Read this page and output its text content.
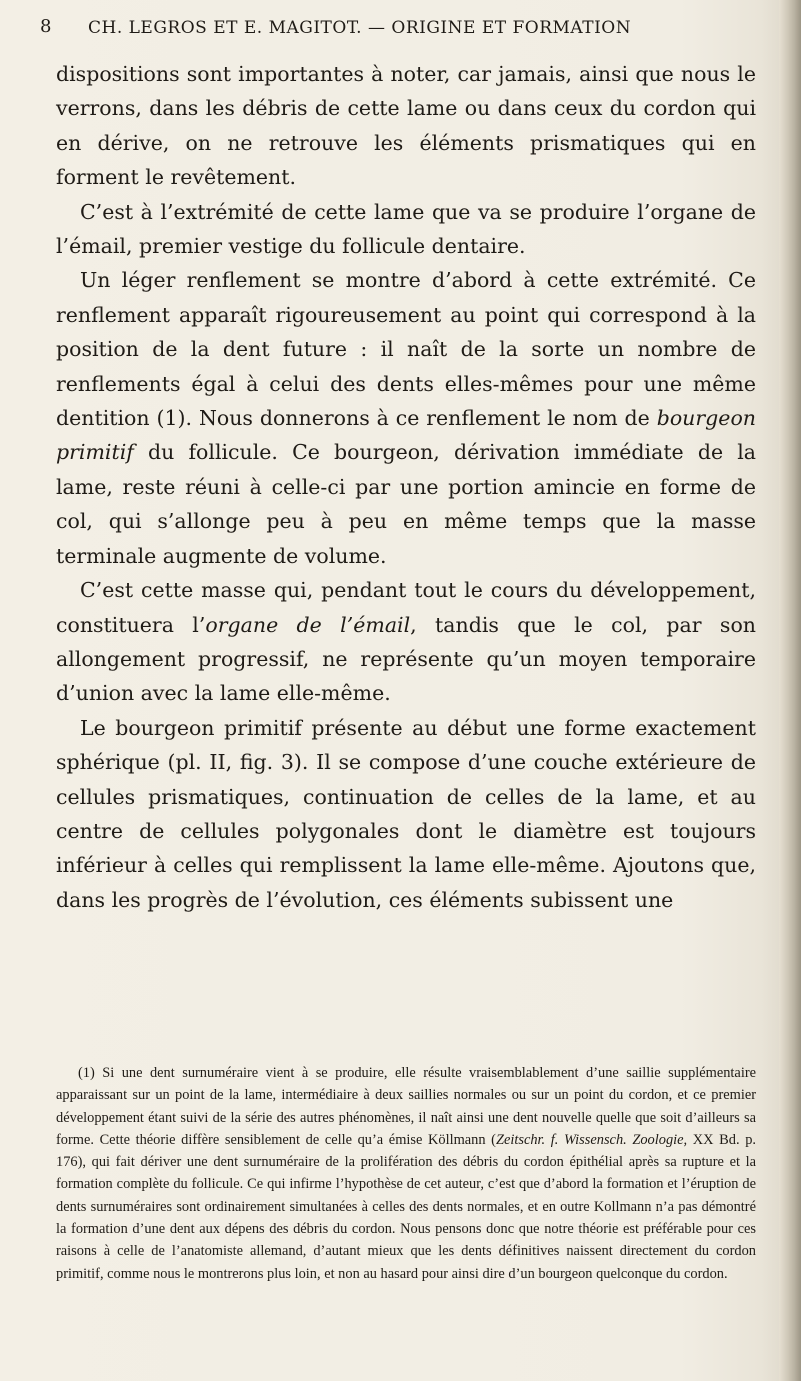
8 CH. LEGROS ET E. MAGITOT. — ORIGINE ET FORMATION

dispositions sont importantes à noter, car jamais, ainsi que nous le verrons, dans les débris de cette lame ou dans ceux du cordon qui en dérive, on ne retrouve les éléments prismatiques qui en forment le revêtement.

C’est à l’extrémité de cette lame que va se produire l’organe de l’émail, premier vestige du follicule dentaire.

Un léger renflement se montre d’abord à cette extrémité. Ce renflement apparaît rigoureusement au point qui correspond à la position de la dent future : il naît de la sorte un nombre de renflements égal à celui des dents elles-mêmes pour une même dentition (1). Nous donnerons à ce renflement le nom de bourgeon primitif du follicule. Ce bourgeon, dérivation immédiate de la lame, reste réuni à celle-ci par une portion amincie en forme de col, qui s’allonge peu à peu en même temps que la masse terminale augmente de volume.

C’est cette masse qui, pendant tout le cours du développement, constituera l’organe de l’émail, tandis que le col, par son allongement progressif, ne représente qu’un moyen temporaire d’union avec la lame elle-même.

Le bourgeon primitif présente au début une forme exactement sphérique (pl. II, fig. 3). Il se compose d’une couche extérieure de cellules prismatiques, continuation de celles de la lame, et au centre de cellules polygonales dont le diamètre est toujours inférieur à celles qui remplissent la lame elle-même. Ajoutons que, dans les progrès de l’évolution, ces éléments subissent une

(1) Si une dent surnuméraire vient à se produire, elle résulte vraisemblablement d’une saillie supplémentaire apparaissant sur un point de la lame, intermédiaire à deux saillies normales ou sur un point du cordon, et ce premier développement étant suivi de la série des autres phénomènes, il naît ainsi une dent nouvelle quelle que soit d’ailleurs sa forme. Cette théorie diffère sensiblement de celle qu’a émise Köllmann (Zeitschr. f. Wissensch. Zoologie, XX Bd. p. 176), qui fait dériver une dent surnuméraire de la prolifération des débris du cordon épithélial après sa rupture et la formation complète du follicule. Ce qui infirme l’hypothèse de cet auteur, c’est que d’abord la formation et l’éruption de dents surnuméraires sont ordinairement simultanées à celles des dents normales, et en outre Kollmann n’a pas démontré la formation d’une dent aux dépens des débris du cordon. Nous pensons donc que notre théorie est préférable pour ces raisons à celle de l’anatomiste allemand, d’autant mieux que les dents définitives naissent directement du cordon primitif, comme nous le montrerons plus loin, et non au hasard pour ainsi dire d’un bourgeon quelconque du cordon.
